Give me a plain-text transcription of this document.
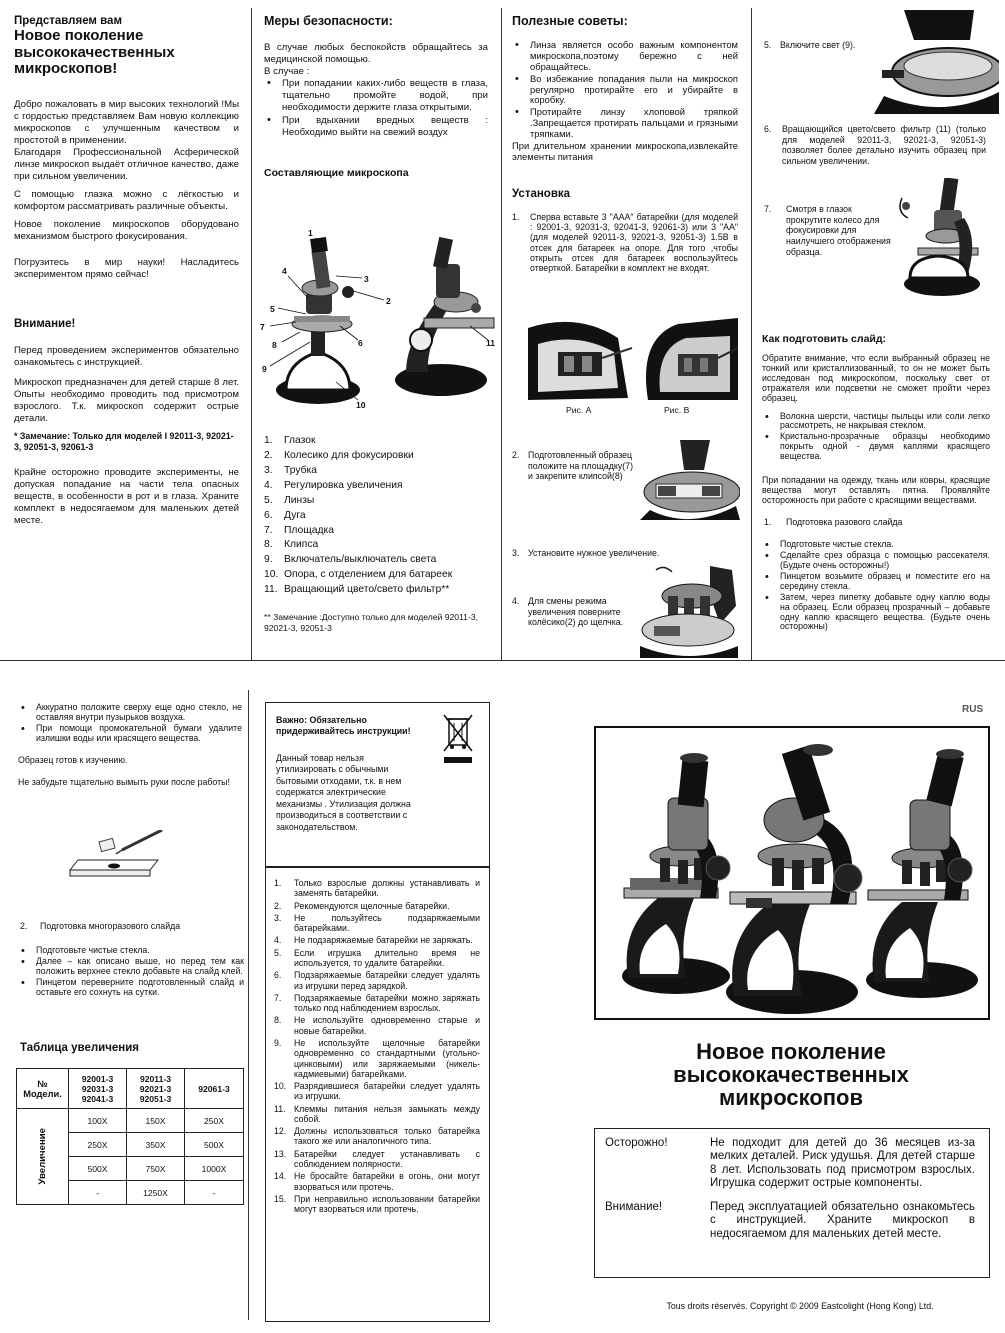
Представляем вам
Новое поколение высококачественных микроскопов!

Добро пожаловать в мир высоких технологий !Мы с гордостью представляем Вам новую коллекцию микроскопов с улучшенным качеством и простотой в применении.

Благодаря Профессиональной Асферической линзе микроскоп выдаёт отличное качество, даже при сильном увеличении.

С помощью глазка можно с лёгкостью и комфортом рассматривать различные объекты.

Новое поколение микроскопов оборудовано механизмом быстрого фокусирования.

Погрузитесь в мир науки! Насладитесь экспериментом прямо сейчас!

Внимание!

Перед проведением экспериментов обязательно ознакомьтесь с инструкцией.

Микроскоп предназначен для детей старше 8 лет. Опыты необходимо проводить под присмотром взрослого. Т.к. микроскоп содержит острые детали.

* Замечание: Только для моделей I 92011-3, 92021-3, 92051-3, 92061-3

Крайне осторожно проводите эксперименты, не допуская попадание на части тела опасных веществ, в особенности в рот и в глаза. Храните комплект в недосягаемом для маленьких детей месте.

Меры безопасности:

В случае любых беспокойств обращайтесь за медицинской помощью.

В случае :

• При попадании каких-либо веществ в глаза, тщательно промойте водой, при необходимости держите глаза открытыми.
• При вдыхании вредных веществ : Необходимо выйти на свежий воздух
Составляющие микроскопа
1
2
3
4
5
6
7
8
9
10
11
1. Глазок
2. Колесико для фокусировки
3. Трубка
4. Регулировка увеличения
5. Линзы
6. Дуга
7. Площадка
8. Клипса
9. Включатель/выключатель света
10. Опора, с отделением для батареек
11. Вращающий цвето/свето фильтр**

** Замечание :Доступно только для моделей 92011-3, 92021-3, 92051-3

Полезные советы:
• Линза является особо важным компонентом микроскопа,поэтому бережно с ней обращайтесь.
• Во избежание попадания пыли на микроскоп регулярно протирайте его и убирайте в коробку.
• Протирайте линзу хлоповой тряпкой .Запрещается протирать пальцами и грязными тряпками.

При длительном хранении микроскопа,извлекайте элементы питания

Установка
1. Сперва вставьте 3 "ААА" батарейки (для моделей : 92001-3, 92031-3, 92041-3, 92061-3) или 3 "АА" (для моделей 92011-3, 92021-3, 92051-3) 1.5В в отсек для батареек на опоре. Для того ,чтобы открыть отсек для батареек воспользуйтесь отверткой. Батарейки в комплект не входят.
Рис. A	Рис. B
2. Подготовленный образец положите на площадку(7) и закрепите клипсой(8)
3. Установите нужное увеличение.
4. Для смены режима увеличения поверните колёсико(2) до щелчка.
5. Включите свет (9).
6. Вращающийся цвето/свето фильтр (11) (только для моделей 92011-3, 92021-3, 92051-3) позволяет более детально изучить образец при сильном увеличении.
7. Смотря в глазок прокрутите колесо для фокусировки для наилучшего отображения образца.
Как подготовить слайд:

Обратите внимание, что если выбранный образец не тонкий или кристаллизованный, то он не может быть исследован под микроскопом, поскольку свет от отражателя или подсветки не сможет пройти через образец.

• Волокна шерсти, частицы пыльцы или соли легко рассмотреть, не накрывая стеклом.
• Кристально-прозрачные образцы необходимо покрыть одной - двумя каплями красящего вещества.

При попадании на одежду, ткань или ковры, красящие вещества могут оставлять пятна. Проявляйте осторожность при работе с красящими веществами.

1. Подготовка разового слайда
• Подготовьте чистые стекла.
• Сделайте срез образца с помощью рассекателя. (Будьте очень осторожны!)
• Пинцетом возьмите образец и поместите его на середину стекла.
• Затем, через пипетку добавьте одну каплю воды на образец. Если образец прозрачный – добавьте одну каплю красящего вещества. (Будьте очень осторожны)
• Аккуратно положите сверху еще одно стекло, не оставляя внутри пузырьков воздуха.
• При помощи промокательной бумаги удалите излишки воды или красящего вещества.

Образец готов к изучению.

Не забудьте тщательно вымыть руки после работы!

2. Подготовка многоразового слайда
• Подготовьте чистые стекла.
• Далее – как описано выше, но перед тем как положить верхнее стекло добавьте на слайд клей.
• Пинцетом переверните подготовленный слайд и оставьте его сохнуть на сутки.
Таблица увеличения
№ Модели.	92001-3 92031-3 92041-3	92011-3 92021-3 92051-3	92061-3

Увеличение	100X	150X	250X
	250X	350X	500X
	500X	750X	1000X
	-	1250X	-
Важно: Обязательно придерживайтесь инструкции!
Данный товар нельзя утилизировать с обычными бытовыми отходами, т.к. в нем содержатся электрические механизмы . Утилизация должна производиться в соответствии с законодательством.
1. Только взрослые должны устанавливать и заменять батарейки.
2. Рекомендуются щелочные батарейки.
3. Не пользуйтесь подзаряжаемыми батарейками.
4. Не подзаряжаемые батарейки не заряжать.
5. Если игрушка длительно время не используется, то удалите батарейки.
6. Подзаряжаемые батарейки следует удалять из игрушки перед зарядкой.
7. Подзаряжаемые батарейки можно заряжать только под наблюдением взрослых.
8. Не используйте одновременно старые и новые батарейки.
9. Не используйте щелочные батарейки одновременно со стандартными (угольно-цинковыми) или заряжаемыми (никель-кадмиевыми) батарейками.
10. Разрядившиеся батарейки следует удалять из игрушки.
11. Клеммы питания нельзя замыкать между собой.
12. Должны использоваться только батарейка такого же или аналогичного типа.
13. Батарейки следует устанавливать с соблюдением полярности.
14. Не бросайте батарейки в огонь, они могут взорваться или протечь.
15. При неправильно использовании батарейки могут взорваться или протечь.
RUS
Новое поколение высококачественных микроскопов
Осторожно!	Не подходит для детей до 36 месяцев из-за мелких деталей. Риск удушья. Для детей старше 8 лет. Использовать под присмотром взрослых. Игрушка содержит острые компоненты.
Внимание!	Перед эксплуатацией обязательно ознакомьтесь с инструкцией. Храните микроскоп в недосягаемом для маленьких детей месте.
Tous droits réservés. Copyright © 2009 Eastcolight (Hong Kong) Ltd.
